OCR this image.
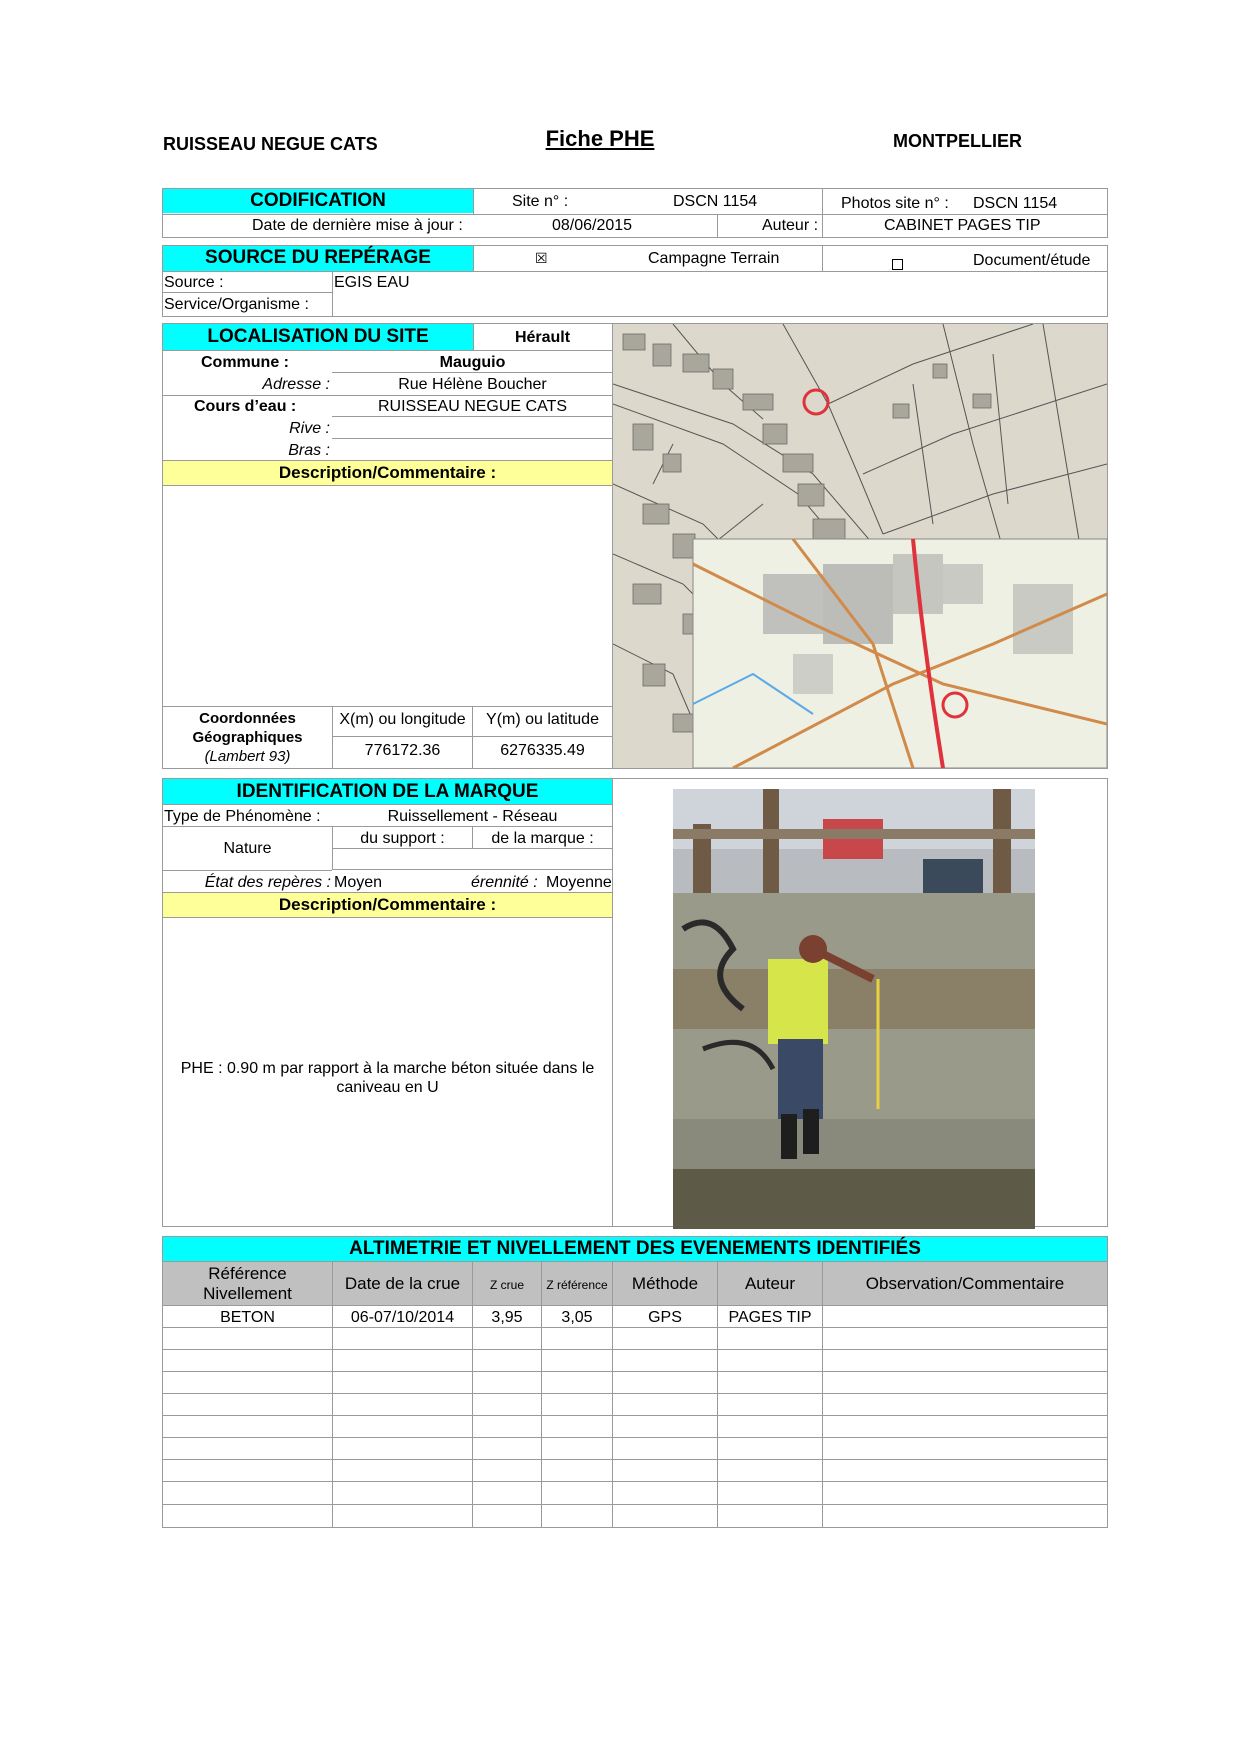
RUISSEAU NEGUE CATS	Fiche PHE	MONTPELLIER
CODIFICATION	Site n° :	DSCN 1154	Photos site n° : DSCN 1154
Date de dernière mise à jour :	08/06/2015	Auteur :	CABINET PAGES TIP
SOURCE DU REPÉRAGE	☒	Campagne Terrain	Document/étude
Source :	EGIS EAU
Service/Organisme :
LOCALISATION DU SITE	Hérault
Commune :	Mauguio
Adresse :	Rue Hélène Boucher
Cours d’eau :	RUISSEAU NEGUE CATS
Rive :
Bras :
Description/Commentaire :
Coordonnées
Géographiques
(Lambert 93)
X(m) ou longitude	Y(m) ou latitude
776172.36	6276335.49
IDENTIFICATION DE LA MARQUE
Type de Phénomène :	Ruissellement - Réseau
Nature
du support :	de la marque :
État des repères : Moyen	érennité : Moyenne
Description/Commentaire :
PHE : 0.90 m par rapport à la marche béton située dans le
caniveau en U
ALTIMETRIE ET NIVELLEMENT DES EVENEMENTS IDENTIFIÉS
Référence
Nivellement
Date de la crue	Z crue	Z référence	Méthode	Auteur	Observation/Commentaire
BETON	06-07/10/2014	3,95	3,05	GPS	PAGES TIP
